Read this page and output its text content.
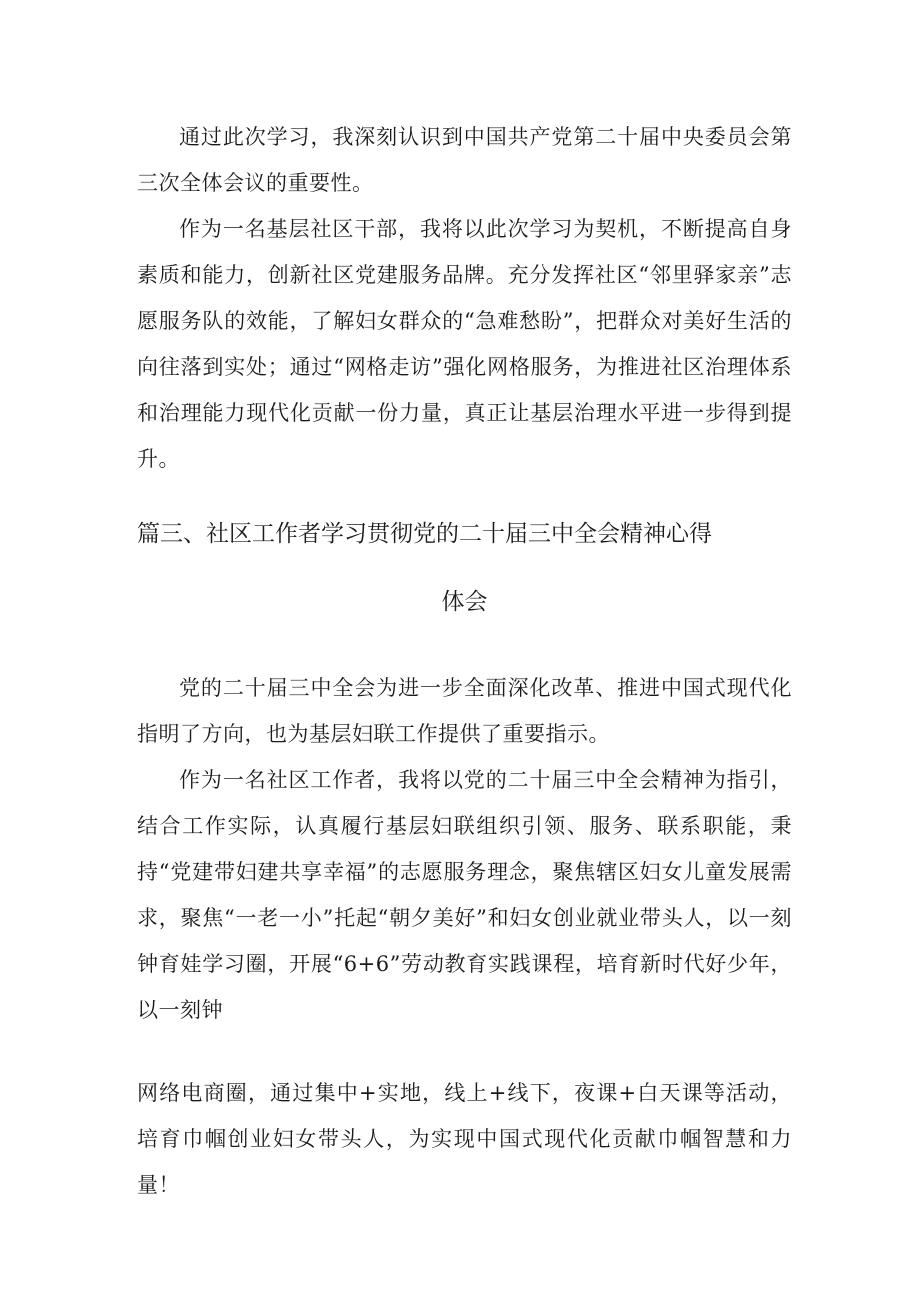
通过此次学习，我深刻认识到中国共产党第二十届中央委员会第三次全体会议的重要性。

作为一名基层社区干部，我将以此次学习为契机，不断提高自身素质和能力，创新社区党建服务品牌。充分发挥社区“邻里驿家亲”志愿服务队的效能，了解妇女群众的“急难愁盼”，把群众对美好生活的向往落到实处；通过“网格走访”强化网格服务，为推进社区治理体系和治理能力现代化贡献一份力量，真正让基层治理水平进一步得到提升。

篇三、社区工作者学习贯彻党的二十届三中全会精神心得
体会

党的二十届三中全会为进一步全面深化改革、推进中国式现代化指明了方向，也为基层妇联工作提供了重要指示。

作为一名社区工作者，我将以党的二十届三中全会精神为指引，结合工作实际，认真履行基层妇联组织引领、服务、联系职能，秉持“党建带妇建共享幸福”的志愿服务理念，聚焦辖区妇女儿童发展需求，聚焦“一老一小”托起“朝夕美好”和妇女创业就业带头人，以一刻钟育娃学习圈，开展“6+6”劳动教育实践课程，培育新时代好少年，以一刻钟

网络电商圈，通过集中+实地，线上+线下，夜课+白天课等活动，培育巾帼创业妇女带头人，为实现中国式现代化贡献巾帼智慧和力量！
